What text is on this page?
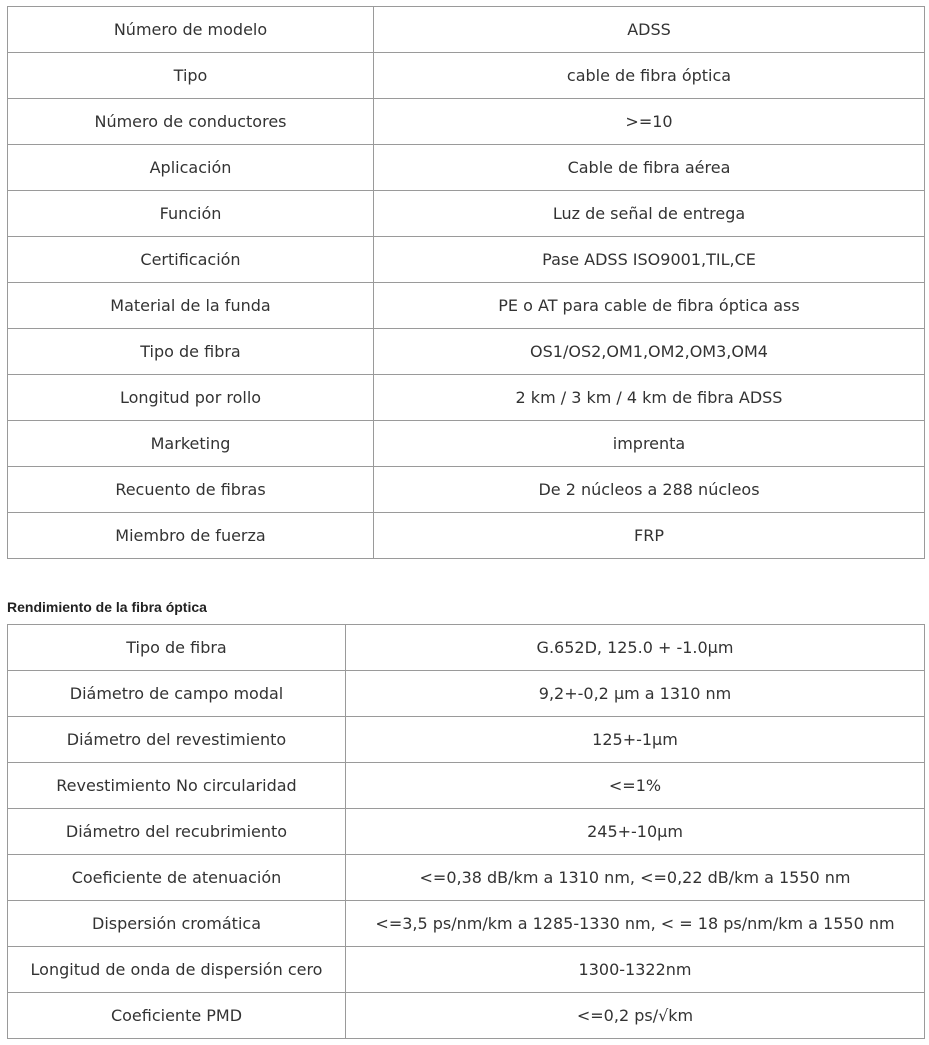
Número de modelo	ADSS
Tipo	cable de fibra óptica
Número de conductores	>=10
Aplicación	Cable de fibra aérea
Función	Luz de señal de entrega
Certificación	Pase ADSS ISO9001,TIL,CE
Material de la funda	PE o AT para cable de fibra óptica ass
Tipo de fibra	OS1/OS2,OM1,OM2,OM3,OM4
Longitud por rollo	2 km / 3 km / 4 km de fibra ADSS
Marketing	imprenta
Recuento de fibras	De 2 núcleos a 288 núcleos
Miembro de fuerza	FRP
Rendimiento de la fibra óptica
Tipo de fibra	G.652D, 125.0 + -1.0μm
Diámetro de campo modal	9,2+-0,2 μm a 1310 nm
Diámetro del revestimiento	125+-1μm
Revestimiento No circularidad	<=1%
Diámetro del recubrimiento	245+-10μm
Coeficiente de atenuación	<=0,38 dB/km a 1310 nm, <=0,22 dB/km a 1550 nm
Dispersión cromática	<=3,5 ps/nm/km a 1285-1330 nm, < = 18 ps/nm/km a 1550 nm
Longitud de onda de dispersión cero	1300-1322nm
Coeficiente PMD	<=0,2 ps/√km
